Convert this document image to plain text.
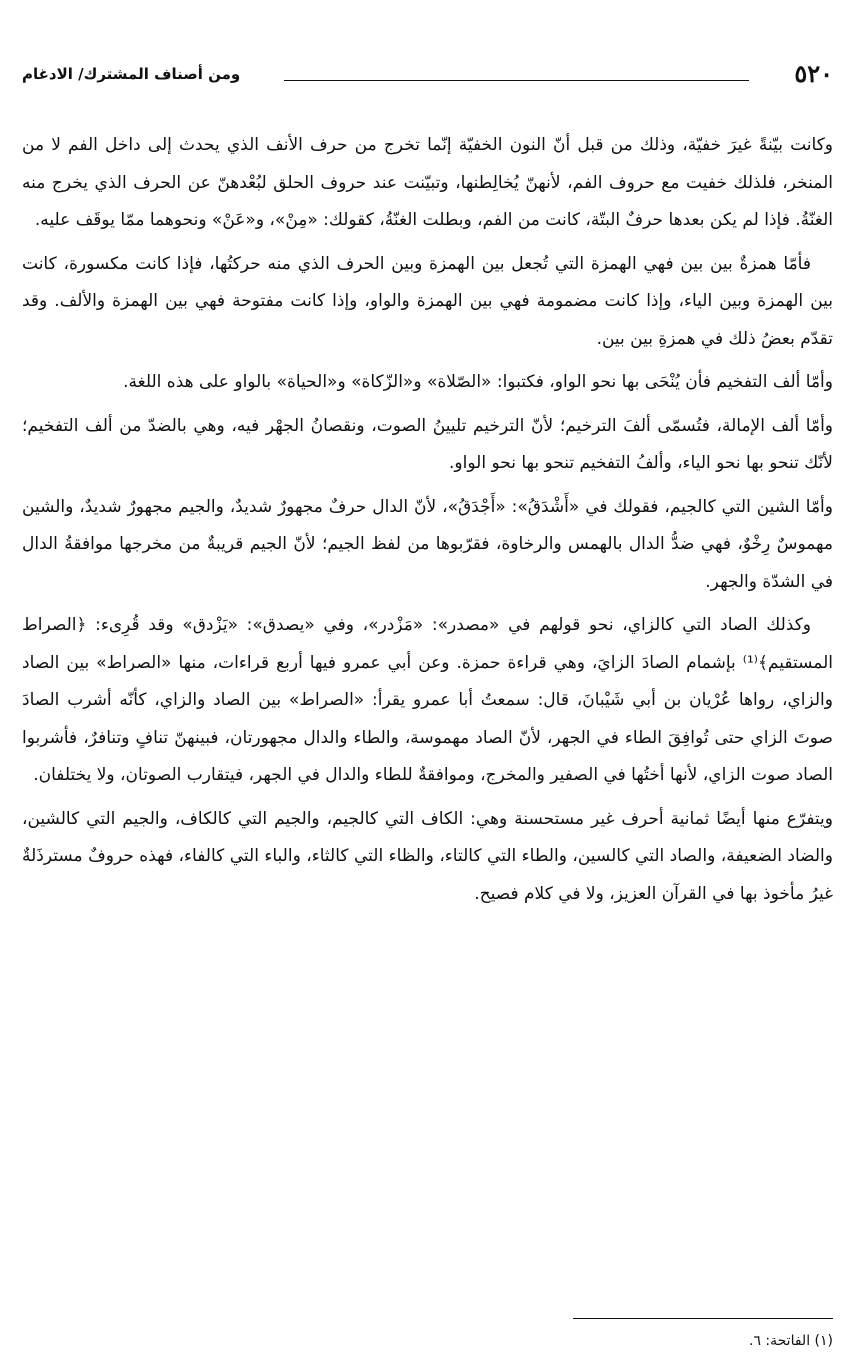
٥٢٠
ومن أصناف المشترك/ الادغام

وكانت بيّنةً غيرَ خفيّة، وذلك من قبل أنّ النون الخفيّة إنّما تخرج من حرف الأنف الذي يحدث إلى داخل الفم لا من المنخر، فلذلك خفيت مع حروف الفم، لأنهنّ يُخالِطنها، وتبيّنت عند حروف الحلق لبُعْدهنّ عن الحرف الذي يخرج منه الغنّةُ. فإذا لم يكن بعدها حرفٌ البتّة، كانت من الفم، وبطلت الغنّةُ، كقولك: «مِنْ»، و«عَنْ» ونحوهما ممّا يوقَف عليه.

فأمّا همزةٌ بين بين فهي الهمزة التي تُجعل بين الهمزة وبين الحرف الذي منه حركتُها، فإذا كانت مكسورة، كانت بين الهمزة وبين الياء، وإذا كانت مضمومة فهي بين الهمزة والواو، وإذا كانت مفتوحة فهي بين الهمزة والألف. وقد تقدّم بعضُ ذلك في همزةِ بين بين.

وأمّا ألف التفخيم فأن يُنْحَى بها نحو الواو، فكتبوا: «الصّلاة» و«الزّكاة» و«الحياة» بالواو على هذه اللغة.

وأمّا ألف الإمالة، فتُسمّى ألفَ الترخيم؛ لأنّ الترخيم تليينُ الصوت، ونقصانُ الجهْر فيه، وهي بالضدّ من ألف التفخيم؛ لأنّك تنحو بها نحو الياء، وألفُ التفخيم تنحو بها نحو الواو.

وأمّا الشين التي كالجيم، فقولك في «أَشْدَقُ»: «أَجْدَقُ»، لأنّ الدال حرفٌ مجهورٌ شديدٌ، والجيم مجهورٌ شديدٌ، والشين مهموسٌ رِخْوٌ، فهي ضدُّ الدال بالهمس والرخاوة، فقرّبوها من لفظ الجيم؛ لأنّ الجيم قريبةٌ من مخرجها موافقةُ الدال في الشدّة والجهر.

وكذلك الصاد التي كالزاي، نحو قولهم في «مصدر»: «مَزْدر»، وفي «يصدق»: «يَزْدق» وقد قُرِىء: ﴿الصراط المستقيم﴾⁽¹⁾ بإشمام الصادَ الزايَ، وهي قراءة حمزة. وعن أبي عمرو فيها أربع قراءات، منها «الصراط» بين الصاد والزاي، رواها عُرْيان بن أبي شَيْبانَ، قال: سمعتُ أبا عمرو يقرأ: «الصراط» بين الصاد والزاي، كأنّه أشرب الصادَ صوتَ الزاي حتى تُوافِقَ الطاء في الجهر، لأنّ الصاد مهموسة، والطاء والدال مجهورتان، فبينهنّ تنافٍ وتنافرٌ، فأشربوا الصاد صوت الزاي، لأنها أختُها في الصفير والمخرج، وموافقةٌ للطاء والدال في الجهر، فيتقارب الصوتان، ولا يختلفان.

ويتفرّع منها أيضًا ثمانية أحرف غير مستحسنة وهي: الكاف التي كالجيم، والجيم التي كالكاف، والجيم التي كالشين، والضاد الضعيفة، والصاد التي كالسين، والطاء التي كالتاء، والظاء التي كالثاء، والباء التي كالفاء، فهذه حروفٌ مسترذَلةٌ غيرُ مأخوذ بها في القرآن العزيز، ولا في كلام فصيح.

(١) الفاتحة: ٦.
